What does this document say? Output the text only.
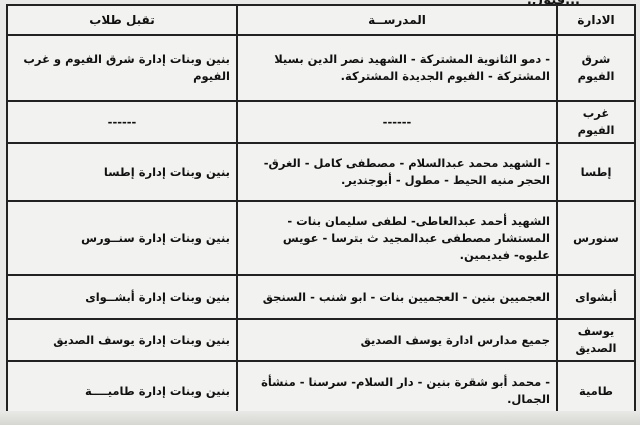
الادارة	المدرســة	تقبل طلاب
شرق الفيوم	- دمو الثانوية المشتركة - الشهيد نصر الدين بسيلا المشتركة - الفيوم الجديدة المشتركة.	بنين وبنات إدارة شرق الفيوم و غرب الفيوم
غرب الفيوم	------	------
إطسا	- الشهيد محمد عبدالسلام - مصطفى كامل - الغرق- الحجر منيه الحيط - مطول - أبوجندير.	بنين وبنات إدارة إطسا
سنورس	الشهيد أحمد عبدالعاطى- لطفى سليمان بنات - المستشار مصطفى عبدالمجيد ث بترسا - عويس عليوه- فيديمين.	بنين وبنات إدارة سنــورس
أبشواى	العجميين بنين - العجميين بنات - ابو شنب - السنجق	بنين وبنات إدارة أبشــواى
يوسف الصديق	جميع مدارس ادارة يوسف الصديق	بنين وبنات إدارة يوسف الصديق
طامية	- محمد أبو شقرة بنين - دار السلام- سرسنا - منشأة الجمال.	بنين وبنات إدارة طاميــــة
